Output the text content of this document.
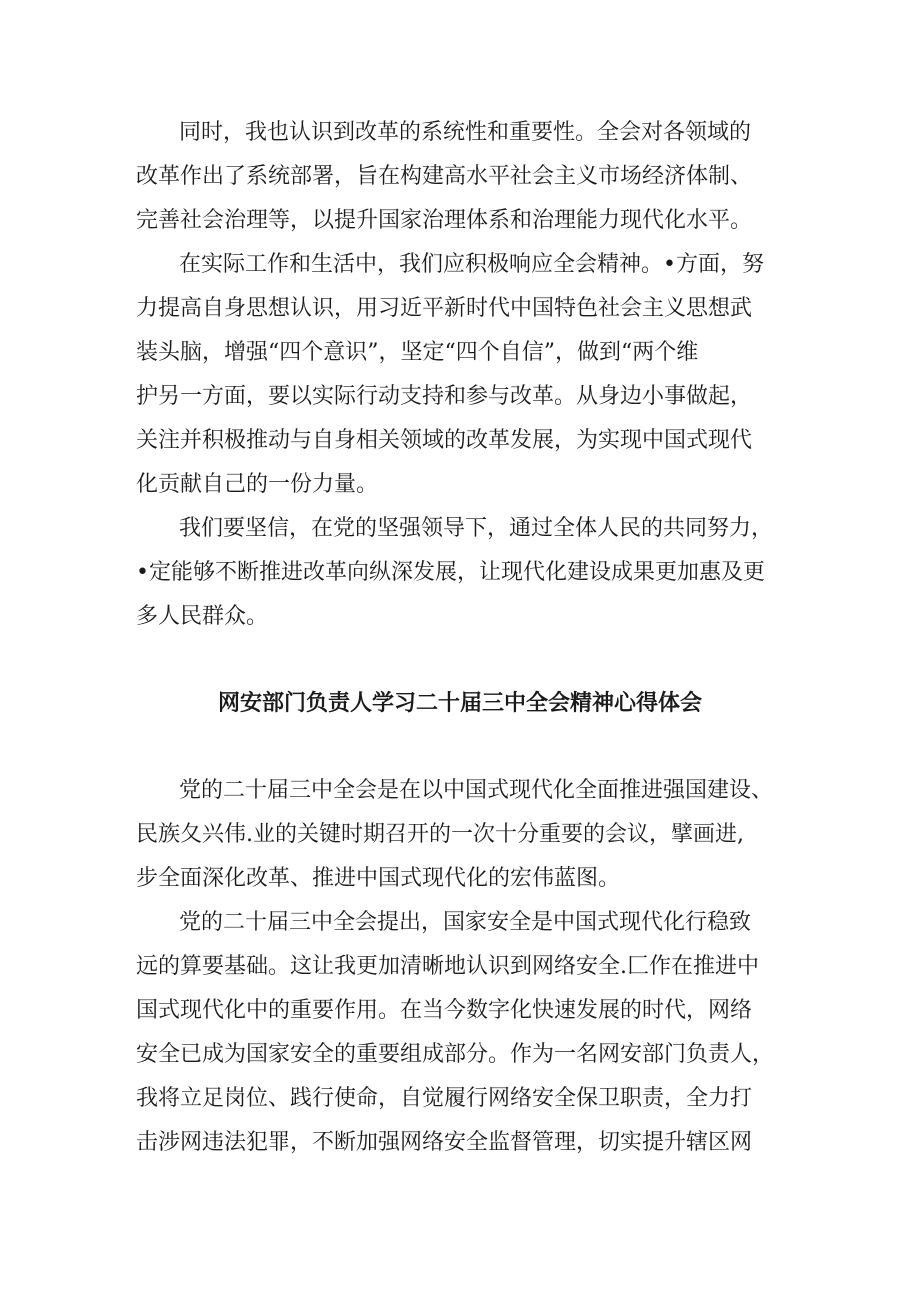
同时，我也认识到改革的系统性和重要性。全会对各领域的

改革作出了系统部署，旨在构建高水平社会主义市场经济体制、

完善社会治理等，以提升国家治理体系和治理能力现代化水平。

在实际工作和生活中，我们应积极响应全会精神。•方面，努

力提高自身思想认识，用习近平新时代中国特色社会主义思想武

装头脑，增强“四个意识”，坚定“四个自信”，做到“两个维

护另一方面，要以实际行动支持和参与改革。从身边小事做起，

关注并积极推动与自身相关领域的改革发展，为实现中国式现代

化贡献自己的一份力量。

我们要坚信，在党的坚强领导下，通过全体人民的共同努力，

•定能够不断推进改革向纵深发展，让现代化建设成果更加惠及更

多人民群众。

网安部门负责人学习二十届三中全会精神心得体会

党的二十届三中全会是在以中国式现代化全面推进强国建设、

民族夂兴伟.业的关键时期召开的一次十分重要的会议，擘画进,

步全面深化改革、推进中国式现代化的宏伟蓝图。

党的二十届三中全会提出，国家安全是中国式现代化行稳致

远的算要基础。这让我更加清晰地认识到网络安全.匚作在推进中

国式现代化中的重要作用。在当今数字化快速发展的时代，网络

安全已成为国家安全的重要组成部分。作为一名网安部门负责人，

我将立足岗位、践行使命，自觉履行网络安全保卫职责，全力打

击涉网违法犯罪，不断加强网络安全监督管理，切实提升辖区网
